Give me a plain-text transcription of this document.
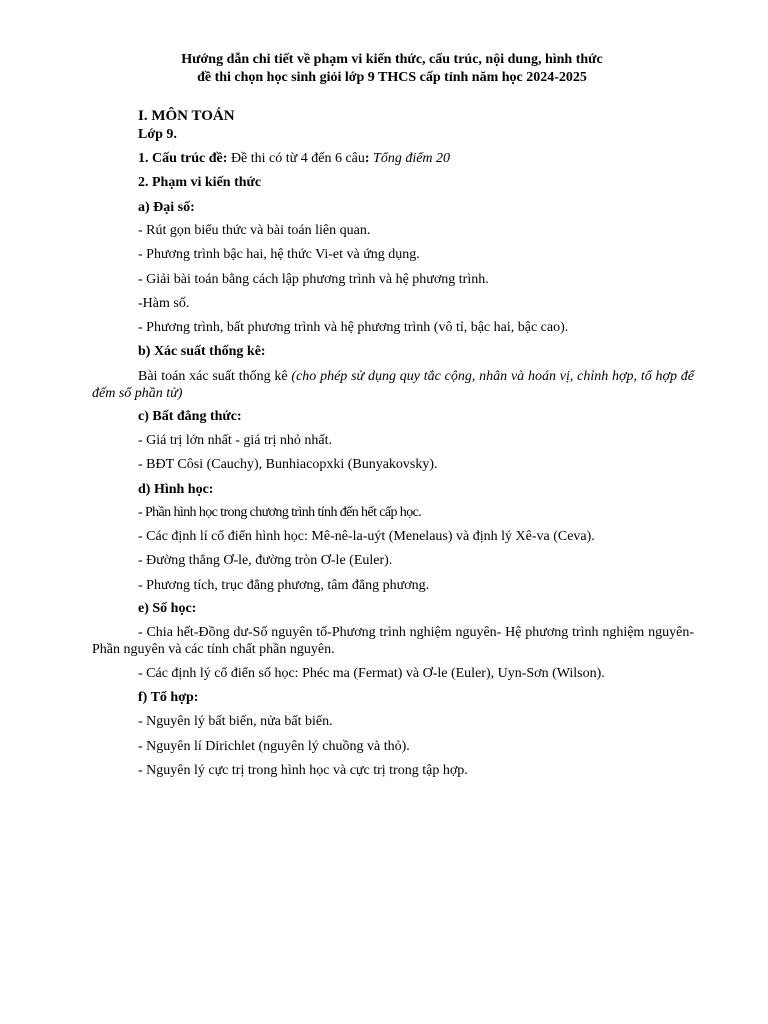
Hướng dẫn chi tiết về phạm vi kiến thức, cấu trúc, nội dung, hình thức
đề thi chọn học sinh giỏi lớp 9 THCS cấp tỉnh năm học 2024-2025
I. MÔN TOÁN
Lớp 9.
1. Cấu trúc đề: Đề thi có từ 4 đến 6 câu: Tổng điểm 20
2. Phạm vi kiến thức
a) Đại số:
- Rút gọn biểu thức và bài toán liên quan.
- Phương trình bậc hai, hệ thức Vi-et và ứng dụng.
- Giải bài toán bằng cách lập phương trình và hệ phương trình.
-Hàm số.
- Phương trình, bất phương trình và hệ phương trình (vô tỉ, bậc hai, bậc cao).
b) Xác suất thống kê:
Bài toán xác suất thống kê (cho phép sử dụng quy tắc cộng, nhân và hoán vị, chỉnh hợp, tổ hợp để đếm số phần tử)
c) Bất đẳng thức:
- Giá trị lớn nhất - giá trị nhỏ nhất.
- BĐT Côsi (Cauchy), Bunhiacopxki (Bunyakovsky).
d) Hình học:
- Phần hình học trong chương trình tính đến hết cấp học.
- Các định lí cổ điển hình học: Mê-nê-la-uýt (Menelaus) và định lý Xê-va (Ceva).
- Đường thẳng Ơ-le, đường tròn Ơ-le (Euler).
- Phương tích, trục đẳng phương, tâm đẳng phương.
e) Số học:
- Chia hết-Đồng dư-Số nguyên tố-Phương trình nghiệm nguyên- Hệ phương trình nghiệm nguyên- Phần nguyên và các tính chất phần nguyên.
- Các định lý cổ điển số học: Phéc ma (Fermat) và Ơ-le (Euler), Uyn-Sơn (Wilson).
f) Tổ hợp:
- Nguyên lý bất biến, nửa bất biến.
- Nguyên lí Dirichlet (nguyên lý chuồng và thỏ).
- Nguyên lý cực trị trong hình học và cực trị trong tập hợp.
